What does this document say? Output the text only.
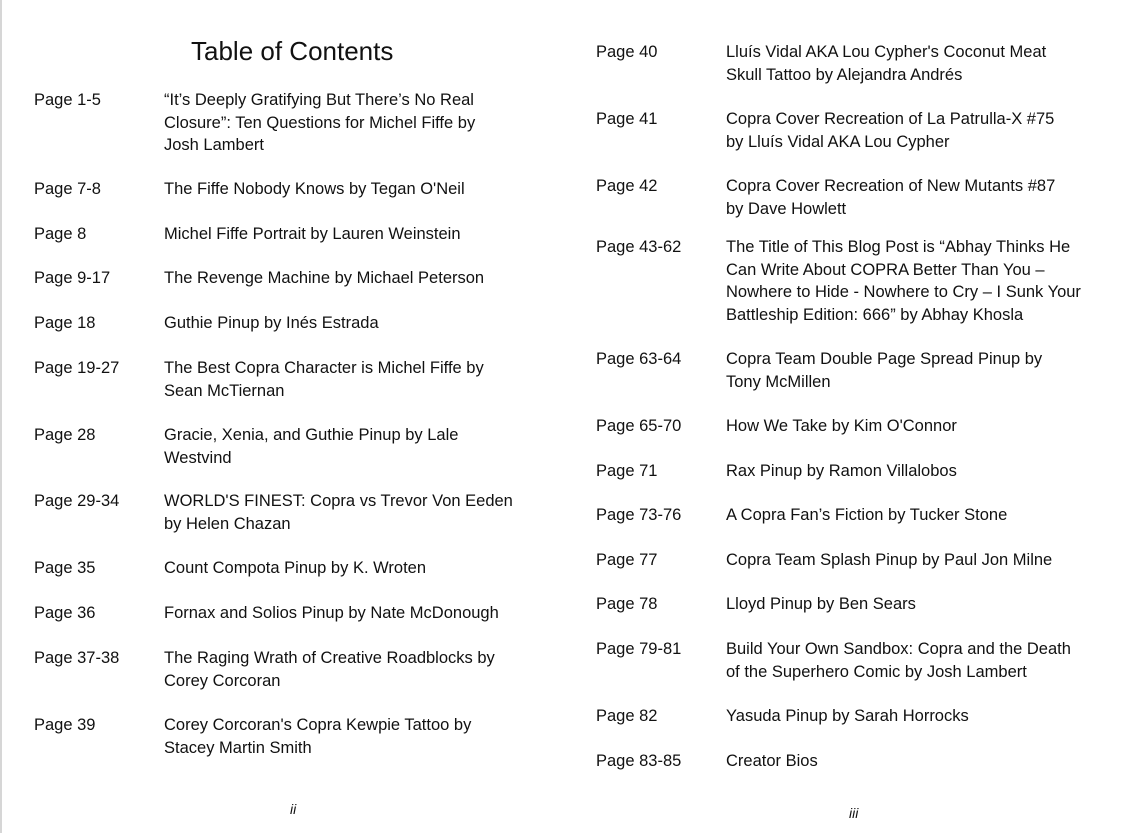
Table of Contents
Page 1-5	“It’s Deeply Gratifying But There’s No Real Closure”: Ten Questions for Michel Fiffe by Josh Lambert
Page 7-8	The Fiffe Nobody Knows by Tegan O'Neil
Page 8	Michel Fiffe Portrait by Lauren Weinstein
Page 9-17	The Revenge Machine by Michael Peterson
Page 18	Guthie Pinup by Inés Estrada
Page 19-27	The Best Copra Character is Michel Fiffe by Sean McTiernan
Page 28	Gracie, Xenia, and Guthie Pinup by Lale Westvind
Page 29-34	WORLD'S FINEST: Copra vs Trevor Von Eeden by Helen Chazan
Page 35	Count Compota Pinup by K. Wroten
Page 36	Fornax and Solios Pinup by Nate McDonough
Page 37-38	The Raging Wrath of Creative Roadblocks by Corey Corcoran
Page 39	Corey Corcoran's Copra Kewpie Tattoo by Stacey Martin Smith
Page 40	Lluís Vidal AKA Lou Cypher's Coconut Meat Skull Tattoo by Alejandra Andrés
Page 41	Copra Cover Recreation of La Patrulla-X #75 by Lluís Vidal AKA Lou Cypher
Page 42	Copra Cover Recreation of New Mutants #87 by Dave Howlett
Page 43-62	The Title of This Blog Post is “Abhay Thinks He Can Write About COPRA Better Than You – Nowhere to Hide - Nowhere to Cry – I Sunk Your Battleship Edition: 666” by Abhay Khosla
Page 63-64	Copra Team Double Page Spread Pinup by Tony McMillen
Page 65-70	How We Take by Kim O'Connor
Page 71	Rax Pinup by Ramon Villalobos
Page 73-76	A Copra Fan’s Fiction by Tucker Stone
Page 77	Copra Team Splash Pinup by Paul Jon Milne
Page 78	Lloyd Pinup by Ben Sears
Page 79-81	Build Your Own Sandbox: Copra and the Death of the Superhero Comic by Josh Lambert
Page 82	Yasuda Pinup by Sarah Horrocks
Page 83-85	Creator Bios
ii	iii
